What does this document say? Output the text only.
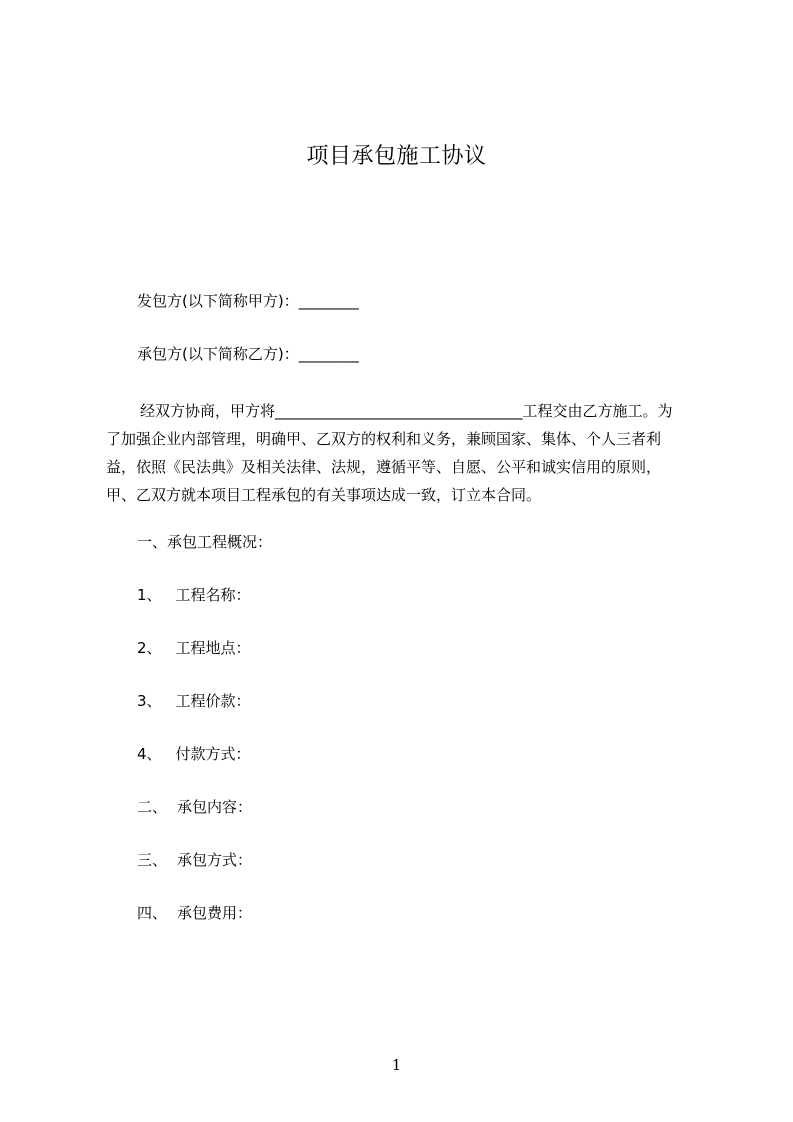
项目承包施工协议
发包方(以下简称甲方)：________
承包方(以下简称乙方)：________
经双方协商，甲方将_________________________________工程交由乙方施工。为
了加强企业内部管理，明确甲、乙双方的权利和义务，兼顾国家、集体、个人三者利
益，依照《民法典》及相关法律、法规，遵循平等、自愿、公平和诚实信用的原则，
甲、乙双方就本项目工程承包的有关事项达成一致，订立本合同。
一、承包工程概况：
1、 工程名称：
2、 工程地点：
3、 工程价款：
4、 付款方式：
二、 承包内容：
三、 承包方式：
四、 承包费用：
1
